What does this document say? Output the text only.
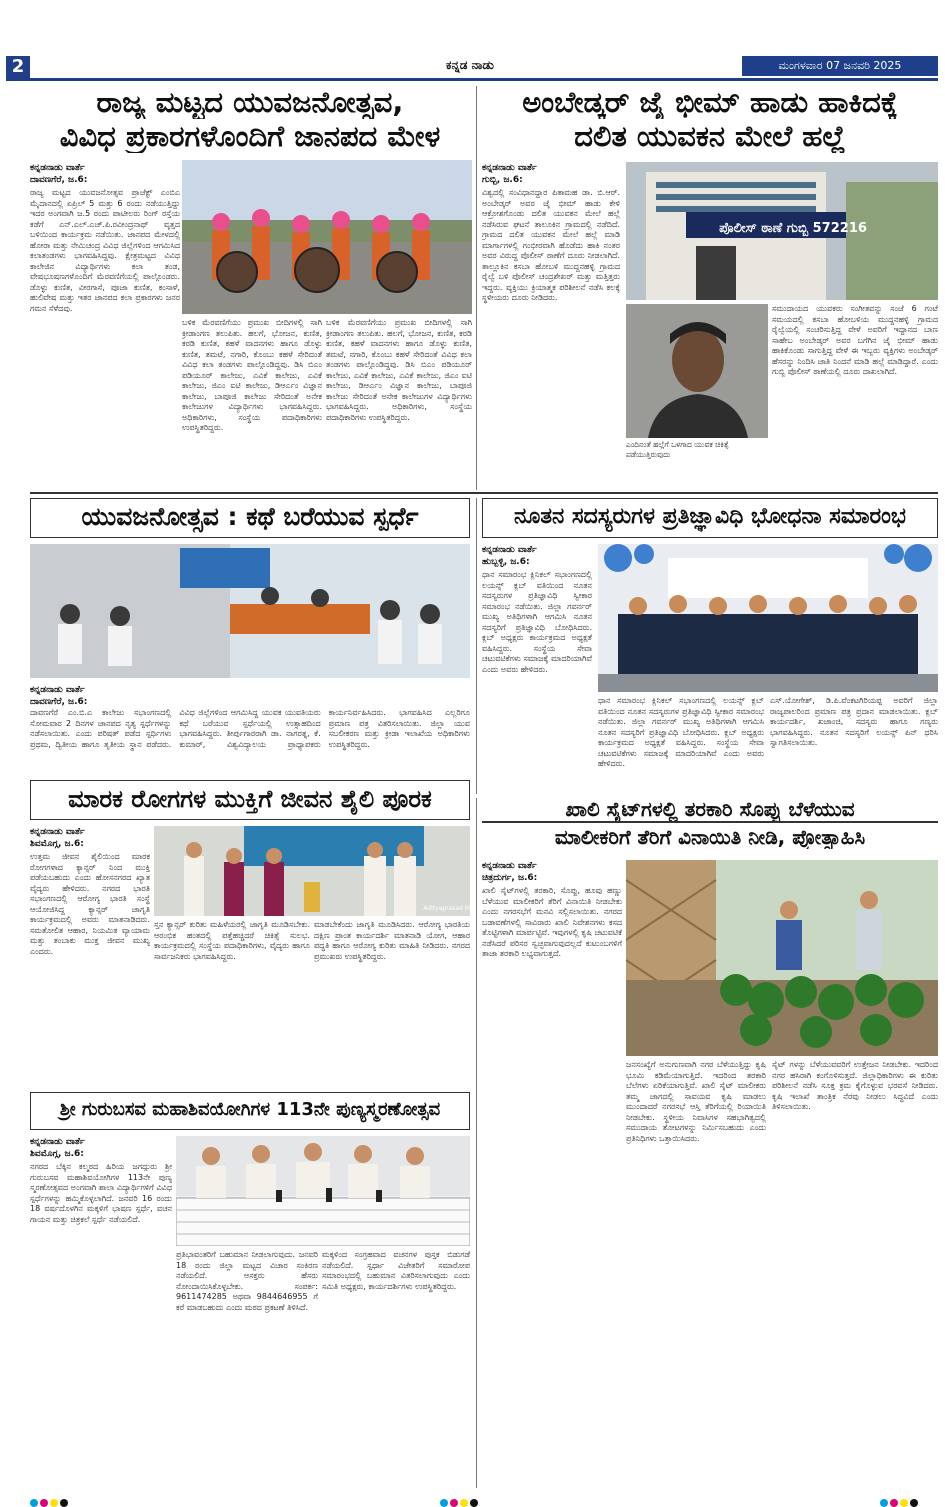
2	ಕನ್ನಡ ನಾಡು	ಮಂಗಳವಾರ 07 ಜನವರಿ 2025
ರಾಜ್ಯ ಮಟ್ಟದ ಯುವಜನೋತ್ಸವ,
ವಿವಿಧ ಪ್ರಕಾರಗಳೊಂದಿಗೆ ಜಾನಪದ ಮೇಳ
ಕನ್ನಡನಾಡು ವಾರ್ತೆ
ದಾವಣಗೆರೆ, ಜ.6:
ರಾಜ್ಯ ಮಟ್ಟದ ಯುವಜನೋತ್ಸವ ಪ್ರಾಜೆಕ್ಟ್ ಎಂಬಿಎ ಮೈದಾನದಲ್ಲಿ ಏಪ್ರಿಲ್ 5 ಮತ್ತು 6 ರಂದು ನಡೆಯುತ್ತಿದ್ದು ಇದರ ಅಂಗವಾಗಿ ಜ.5 ರಂದು ಪಾಟೀಲರು ರಿಂಗ್ ರಸ್ತೆಯ ಕಡೆಗೆ ಎನ್.ಎಲ್.ಎಚ್.ಪಿ.ರವೀಂದ್ರನಾಥ್ ವೃತ್ತದ ಬಳಿಯಿಂದ ಕಾರ್ಯಕ್ರಮ ನಡೆಯಿತು. ಜಾನಪದ ಮೇಳದಲ್ಲಿ ಹೋರಾ ಮತ್ತು ನೇಮಿಚಂದ್ರ ವಿವಿಧ ಜಿಲ್ಲೆಗಳಿಂದ ಆಗಮಿಸಿದ ಕಲಾತಂಡಗಳು ಭಾಗವಹಿಸಿದ್ದವು. ಕ್ಷೇತ್ರಮಟ್ಟದ ವಿವಿಧ ಕಾಲೇಜಿನ ವಿದ್ಯಾರ್ಥಿಗಳು ಕಲಾ ತಂಡ, ವೇಷಭೂಷಣಗಳೊಂದಿಗೆ ಮೆರವಣಿಗೆಯಲ್ಲಿ ಪಾಲ್ಗೊಂಡರು. ಡೊಳ್ಳು ಕುಣಿತ, ವೀರಗಾಸೆ, ಪೂಜಾ ಕುಣಿತ, ಕಂಸಾಳೆ, ಹುಲಿವೇಷ ಮತ್ತು ಇತರ ಜಾನಪದ ಕಲಾ ಪ್ರಕಾರಗಳು ಜನರ ಗಮನ ಸೆಳೆದವು.
ಬಳಿಕ ಮೆರವಣಿಗೆಯು ಪ್ರಮುಖ ಬೀದಿಗಳಲ್ಲಿ ಸಾಗಿ ಕ್ರೀಡಾಂಗಣ ತಲುಪಿತು. ಹಲಗೆ, ಭೋಜನ, ಕುಣಿತ, ಕರಡಿ ಕುಣಿತ, ಕಹಳೆ ವಾದನಗಳು ಹಾಗೂ ಡೊಳ್ಳು ಕುಣಿತ, ತಮಟೆ, ನಗಾರಿ, ಕೊಂಬು ಕಹಳೆ ಸೇರಿದಂತೆ ವಿವಿಧ ಕಲಾ ತಂಡಗಳು ಪಾಲ್ಗೊಂಡಿದ್ದವು. ಡಿಸಿ ಬಿಎಂ ಪಡಿಯೂರ್ ಕಾಲೇಜು, ಎವಿಕೆ ಕಾಲೇಜು, ಎವಿಕೆ ಕಾಲೇಜು, ಜಿಎಂ ಐಟಿ ಕಾಲೇಜು, ಡಿಆರ್ಎಂ ವಿಜ್ಞಾನ ಕಾಲೇಜು, ಬಾಪೂಜಿ ಕಾಲೇಜು ಸೇರಿದಂತೆ ಅನೇಕ ಕಾಲೇಜುಗಳ ವಿದ್ಯಾರ್ಥಿಗಳು ಭಾಗವಹಿಸಿದ್ದರು. ಅಧಿಕಾರಿಗಳು, ಸಂಸ್ಥೆಯ ಪದಾಧಿಕಾರಿಗಳು ಉಪಸ್ಥಿತರಿದ್ದರು.
ಬಳಿಕ ಮೆರವಣಿಗೆಯು ಪ್ರಮುಖ ಬೀದಿಗಳಲ್ಲಿ ಸಾಗಿ ಕ್ರೀಡಾಂಗಣ ತಲುಪಿತು. ಹಲಗೆ, ಭೋಜನ, ಕುಣಿತ, ಕರಡಿ ಕುಣಿತ, ಕಹಳೆ ವಾದನಗಳು ಹಾಗೂ ಡೊಳ್ಳು ಕುಣಿತ, ತಮಟೆ, ನಗಾರಿ, ಕೊಂಬು ಕಹಳೆ ಸೇರಿದಂತೆ ವಿವಿಧ ಕಲಾ ತಂಡಗಳು ಪಾಲ್ಗೊಂಡಿದ್ದವು. ಡಿಸಿ ಬಿಎಂ ಪಡಿಯೂರ್ ಕಾಲೇಜು, ಎವಿಕೆ ಕಾಲೇಜು, ಎವಿಕೆ ಕಾಲೇಜು, ಜಿಎಂ ಐಟಿ ಕಾಲೇಜು, ಡಿಆರ್ಎಂ ವಿಜ್ಞಾನ ಕಾಲೇಜು, ಬಾಪೂಜಿ ಕಾಲೇಜು ಸೇರಿದಂತೆ ಅನೇಕ ಕಾಲೇಜುಗಳ ವಿದ್ಯಾರ್ಥಿಗಳು ಭಾಗವಹಿಸಿದ್ದರು. ಅಧಿಕಾರಿಗಳು, ಸಂಸ್ಥೆಯ ಪದಾಧಿಕಾರಿಗಳು ಉಪಸ್ಥಿತರಿದ್ದರು.
ಅಂಬೇಡ್ಕರ್ ಜೈ ಭೀಮ್ ಹಾಡು ಹಾಕಿದಕ್ಕೆ
ದಲಿತ ಯುವಕನ ಮೇಲೆ ಹಲ್ಲೆ
ಕನ್ನಡನಾಡು ವಾರ್ತೆ
ಗುಬ್ಬಿ, ಜ.6:
ವಿಶ್ವದಲ್ಲಿ ಸಂವಿಧಾನದ್ದಾರ ಪಿತಾಮಹ ಡಾ. ಬಿ.ಆರ್. ಅಂಬೇಡ್ಕರ್ ಅವರ ಜೈ ಭೀಮ್ ಹಾಡು ಕೇಳಿ ಆಕ್ರೋಶಗೊಂಡು ದಲಿತ ಯುವಕನ ಮೇಲೆ ಹಲ್ಲೆ ನಡೆಸಿರುವ ಘಟನೆ ತಾಲೂಕಿನ ಗ್ರಾಮದಲ್ಲಿ ನಡೆದಿದೆ. ಗ್ರಾಮದ ದಲಿತ ಯುವಕನ ಮೇಲೆ ಹಲ್ಲೆ ಮಾಡಿ ಮಾರ್ಗಾಗಳಲ್ಲಿ ಗಂಭೀರವಾಗಿ ಹೊಡೆದು ಹಾಕಿ ನಂತರ ಅವರ ವಿರುದ್ಧ ಪೊಲೀಸ್ ಠಾಣೆಗೆ ದೂರು ನೀಡಲಾಗಿದೆ. ತಾಲ್ಲೂಕಿನ ಕಸಬಾ ಹೋಬಳಿ ಮುದ್ದನಹಳ್ಳಿ ಗ್ರಾಮದ ರೈಲ್ವೆ ಬಳಿ ಪೊಲೀಸ್ ಚಂದ್ರಶೇಖರ್ ಮತ್ತು ಮತ್ತಿತ್ತರು ಇದ್ದರು. ವ್ಯಕ್ತಿಯು ಕ್ರಿಯಾತ್ಮಕ ಪರಿಶೀಲನೆ ನಡೆಸಿ ಕಲಕ್ಕೆ ಸ್ಥಳೀಯರು ದೂರು ನೀಡಿದರು.
ಪೊಲೀಸ್ ಠಾಣೆ ಗುಬ್ಬಿ 572216
ಎಂದಿನಂತೆ ಹಲ್ಲೆಗೆ ಒಳಗಾದ ಯುವಕ ಚಿಕಿತ್ಸೆ ಪಡೆಯುತ್ತಿರುವುದು
ಸಮುದಾಯದ ಯುವಕರು ಸಂಗೀತವನ್ನು ಸಂಜೆ 6 ಗಂಟೆ ಸಮಯದಲ್ಲಿ ಕಸಬಾ ಹೋಬಳಿಯ ಮುದ್ದನಹಳ್ಳಿ ಗ್ರಾಮದ ರೈಲ್ವೆಯಲ್ಲಿ ಸಂಚರಿಸುತ್ತಿದ್ದ ವೇಳೆ ಅವರಿಗೆ ಇದ್ದಾನದ ಬಾಣ ಸಾಹೇಬ ಅಂಬೇಡ್ಕರ್ ಅವರ ಬಗೆಗಿನ ಜೈ ಭೀಮ್ ಹಾಡು ಹಾಕಿಕೊಂಡು ಸಾಗುತ್ತಿದ್ದ ವೇಳೆ ಈ ಇಬ್ಬರು ವ್ಯಕ್ತಿಗಳು ಅಂಬೇಡ್ಕರ್ ಹೆಸರನ್ನು ನಿಂದಿಸಿ ಜಾತಿ ನಿಂದನೆ ಮಾಡಿ ಹಲ್ಲೆ ಮಾಡಿದ್ದಾರೆ. ಎಂದು ಗುಬ್ಬಿ ಪೊಲೀಸ್ ಠಾಣೆಯಲ್ಲಿ ದೂರು ದಾಖಲಾಗಿದೆ.
ಯುವಜನೋತ್ಸವ : ಕಥೆ ಬರೆಯುವ ಸ್ಪರ್ಧೆ
ಕನ್ನಡನಾಡು ವಾರ್ತೆ
ದಾವಣಗೆರೆ, ಜ.6:
ದಾವಣಗೆರೆ ಎಂ.ಬಿ.ಎ ಕಾಲೇಜು ಸಭಾಂಗಣದಲ್ಲಿ ಸೋಮವಾರ 2 ದಿನಗಳ ಜಾನಪದ ನೃತ್ಯ ಸ್ಪರ್ಧೆಗಳನ್ನು ನಡೆಸಲಾಯಿತು. ಎಂದು ಪರಿಷತ್ ಪಡೆದ ಸ್ಪರ್ಧಿಗಳು ಪ್ರಥಮ, ದ್ವಿತೀಯ ಹಾಗೂ ತೃತೀಯ ಸ್ಥಾನ ಪಡೆದರು. ವಿವಿಧ ಜಿಲ್ಲೆಗಳಿಂದ ಆಗಮಿಸಿದ್ದ ಯುವಕ ಯುವತಿಯರು ಕಥೆ ಬರೆಯುವ ಸ್ಪರ್ಧೆಯಲ್ಲಿ ಉತ್ಸಾಹದಿಂದ ಭಾಗವಹಿಸಿದ್ದರು. ತೀರ್ಪುಗಾರರಾಗಿ ಡಾ. ನಾಗರತ್ನ, ಕೆ. ಕುಮಾರ್, ವಿಶ್ವವಿದ್ಯಾಲಯ ಪ್ರಾಧ್ಯಾಪಕರು ಕಾರ್ಯನಿರ್ವಹಿಸಿದರು. ಭಾಗವಹಿಸಿದ ಎಲ್ಲರಿಗೂ ಪ್ರಮಾಣ ಪತ್ರ ವಿತರಿಸಲಾಯಿತು. ಜಿಲ್ಲಾ ಯುವ ಸಬಲೀಕರಣ ಮತ್ತು ಕ್ರೀಡಾ ಇಲಾಖೆಯ ಅಧಿಕಾರಿಗಳು ಉಪಸ್ಥಿತರಿದ್ದರು.
ನೂತನ ಸದಸ್ಯರುಗಳ ಪ್ರತಿಜ್ಞಾವಿಧಿ ಭೋಧನಾ ಸಮಾರಂಭ
ಕನ್ನಡನಾಡು ವಾರ್ತೆ
ಹುಬ್ಬಳ್ಳಿ, ಜ.6:
ಧಾನ ಸಮಾರಂಭ ಕ್ಲಿನಿಕಲ್ ಸಭಾಂಗಣದಲ್ಲಿ ಲಯನ್ಸ್ ಕ್ಲಬ್ ವತಿಯಿಂದ ನೂತನ ಸದಸ್ಯರುಗಳ ಪ್ರತಿಜ್ಞಾವಿಧಿ ಸ್ವೀಕಾರ ಸಮಾರಂಭ ನಡೆಯಿತು. ಜಿಲ್ಲಾ ಗವರ್ನರ್ ಮುಖ್ಯ ಅತಿಥಿಗಳಾಗಿ ಆಗಮಿಸಿ ನೂತನ ಸದಸ್ಯರಿಗೆ ಪ್ರತಿಜ್ಞಾವಿಧಿ ಬೋಧಿಸಿದರು. ಕ್ಲಬ್ ಅಧ್ಯಕ್ಷರು ಕಾರ್ಯಕ್ರಮದ ಅಧ್ಯಕ್ಷತೆ ವಹಿಸಿದ್ದರು. ಸಂಸ್ಥೆಯ ಸೇವಾ ಚಟುವಟಿಕೆಗಳು ಸಮಾಜಕ್ಕೆ ಮಾದರಿಯಾಗಿವೆ ಎಂದು ಅವರು ಹೇಳಿದರು.
ಧಾನ ಸಮಾರಂಭ ಕ್ಲಿನಿಕಲ್ ಸಭಾಂಗಣದಲ್ಲಿ ಲಯನ್ಸ್ ಕ್ಲಬ್ ವತಿಯಿಂದ ನೂತನ ಸದಸ್ಯರುಗಳ ಪ್ರತಿಜ್ಞಾವಿಧಿ ಸ್ವೀಕಾರ ಸಮಾರಂಭ ನಡೆಯಿತು. ಜಿಲ್ಲಾ ಗವರ್ನರ್ ಮುಖ್ಯ ಅತಿಥಿಗಳಾಗಿ ಆಗಮಿಸಿ ನೂತನ ಸದಸ್ಯರಿಗೆ ಪ್ರತಿಜ್ಞಾವಿಧಿ ಬೋಧಿಸಿದರು. ಕ್ಲಬ್ ಅಧ್ಯಕ್ಷರು ಕಾರ್ಯಕ್ರಮದ ಅಧ್ಯಕ್ಷತೆ ವಹಿಸಿದ್ದರು. ಸಂಸ್ಥೆಯ ಸೇವಾ ಚಟುವಟಿಕೆಗಳು ಸಮಾಜಕ್ಕೆ ಮಾದರಿಯಾಗಿವೆ ಎಂದು ಅವರು ಹೇಳಿದರು.
ಎಸ್.ಯೋಗೇಶ್, ಡಿ.ಪಿ.ವೆಂಕಟಗಿರಿಯಪ್ಪ ಅವರಿಗೆ ಜಿಲ್ಲಾ ರಾಜ್ಯಪಾಲರಿಂದ ಪ್ರಮಾಣ ಪತ್ರ ಪ್ರದಾನ ಮಾಡಲಾಯಿತು. ಕ್ಲಬ್ ಕಾರ್ಯದರ್ಶಿ, ಖಜಾಂಚಿ, ಸದಸ್ಯರು ಹಾಗೂ ಗಣ್ಯರು ಭಾಗವಹಿಸಿದ್ದರು. ನೂತನ ಸದಸ್ಯರಿಗೆ ಲಯನ್ಸ್ ಪಿನ್ ಧರಿಸಿ ಸ್ವಾಗತಿಸಲಾಯಿತು.
ಮಾರಕ ರೋಗಗಳ ಮುಕ್ತಿಗೆ ಜೀವನ ಶೈಲಿ ಪೂರಕ
ಕನ್ನಡನಾಡು ವಾರ್ತೆ
ಶಿವಮೊಗ್ಗ, ಜ.6:
ಉತ್ತಮ ಜೀವನ ಶೈಲಿಯಿಂದ ಮಾರಕ ರೋಗಗಳಾದ ಕ್ಯಾನ್ಸರ್ ನಿಂದ ಮುಕ್ತಿ ಪಡೆಯಬಹುದು ಎಂದು ಹೋಸನಗರದ ಖ್ಯಾತ ವೈದ್ಯರು ಹೇಳಿದರು. ನಗರದ ಭಾರತಿ ಸಭಾಂಗಣದಲ್ಲಿ ಆರೋಗ್ಯ ಭಾರತಿ ಸಂಸ್ಥೆ ಆಯೋಜಿಸಿದ್ದ ಕ್ಯಾನ್ಸರ್ ಜಾಗೃತಿ ಕಾರ್ಯಕ್ರಮದಲ್ಲಿ ಅವರು ಮಾತನಾಡಿದರು. ಸಮತೋಲಿತ ಆಹಾರ, ನಿಯಮಿತ ವ್ಯಾಯಾಮ ಮತ್ತು ತಂಬಾಕು ಮುಕ್ತ ಜೀವನ ಮುಖ್ಯ ಎಂದರು.
Adityaprasad M
ಸ್ತನ ಕ್ಯಾನ್ಸರ್ ಕುರಿತು ಮಹಿಳೆಯರಲ್ಲಿ ಜಾಗೃತಿ ಮೂಡಿಸಬೇಕು. ಆರಂಭಿಕ ಹಂತದಲ್ಲಿ ಪತ್ತೆಹಚ್ಚಿದರೆ ಚಿಕಿತ್ಸೆ ಸುಲಭ. ಕಾರ್ಯಕ್ರಮದಲ್ಲಿ ಸಂಸ್ಥೆಯ ಪದಾಧಿಕಾರಿಗಳು, ವೈದ್ಯರು ಹಾಗೂ ಸಾರ್ವಜನಿಕರು ಭಾಗವಹಿಸಿದ್ದರು.
ಮಾಡಬೇಕೆಂದು ಜಾಗೃತಿ ಮೂಡಿಸಿದರು. ಆರೋಗ್ಯ ಭಾರತಿಯ ದಕ್ಷಿಣ ಪ್ರಾಂತ ಕಾರ್ಯದರ್ಶಿ ಮಾತನಾಡಿ ಯೋಗ, ಆಹಾರ ಪದ್ಧತಿ ಹಾಗೂ ಆರೋಗ್ಯ ಕುರಿತು ಮಾಹಿತಿ ನೀಡಿದರು. ನಗರದ ಪ್ರಮುಖರು ಉಪಸ್ಥಿತರಿದ್ದರು.
ಖಾಲಿ ಸೈಟ್‌ಗಳಲ್ಲಿ ತರಕಾರಿ ಸೊಪ್ಪು ಬೆಳೆಯುವ
ಮಾಲೀಕರಿಗೆ ತೆರಿಗೆ ವಿನಾಯಿತಿ ನೀಡಿ, ಪ್ರೋತ್ಸಾಹಿಸಿ
ಕನ್ನಡನಾಡು ವಾರ್ತೆ
ಚಿತ್ರದುರ್ಗ, ಜ.6:
ಖಾಲಿ ಸೈಟ್‌ಗಳಲ್ಲಿ ತರಕಾರಿ, ಸೊಪ್ಪು, ಹೂವು ಹಣ್ಣು ಬೆಳೆಯುವ ಮಾಲೀಕರಿಗೆ ತೆರಿಗೆ ವಿನಾಯಿತಿ ನೀಡಬೇಕು ಎಂದು ನಗರಸಭೆಗೆ ಮನವಿ ಸಲ್ಲಿಸಲಾಯಿತು. ನಗರದ ಬಡಾವಣೆಗಳಲ್ಲಿ ಸಾವಿರಾರು ಖಾಲಿ ನಿವೇಶನಗಳು ಕಸದ ತೊಟ್ಟಿಗಳಾಗಿ ಮಾರ್ಪಟ್ಟಿವೆ. ಇವುಗಳಲ್ಲಿ ಕೃಷಿ ಚಟುವಟಿಕೆ ನಡೆಸಿದರೆ ಪರಿಸರ ಸ್ವಚ್ಛವಾಗುವುದಲ್ಲದೆ ಕುಟುಂಬಗಳಿಗೆ ತಾಜಾ ತರಕಾರಿ ಲಭ್ಯವಾಗುತ್ತದೆ.
ಜನಸಂಖ್ಯೆಗೆ ಅನುಗುಣವಾಗಿ ನಗರ ಬೆಳೆಯುತ್ತಿದ್ದು ಕೃಷಿ ಭೂಮಿ ಕಡಿಮೆಯಾಗುತ್ತಿದೆ. ಇದರಿಂದ ತರಕಾರಿ ಬೆಲೆಗಳು ಏರಿಕೆಯಾಗುತ್ತಿವೆ. ಖಾಲಿ ಸೈಟ್ ಮಾಲೀಕರು ತಮ್ಮ ಜಾಗದಲ್ಲಿ ಸಾವಯವ ಕೃಷಿ ಮಾಡಲು ಮುಂದಾದರೆ ನಗರಸಭೆ ಆಸ್ತಿ ತೆರಿಗೆಯಲ್ಲಿ ರಿಯಾಯಿತಿ ನೀಡಬೇಕು. ಸ್ಥಳೀಯ ನಿವಾಸಿಗಳ ಸಹಭಾಗಿತ್ವದಲ್ಲಿ ಸಮುದಾಯ ತೋಟಗಳನ್ನು ನಿರ್ಮಿಸಬಹುದು ಎಂದು ಪ್ರತಿನಿಧಿಗಳು ಒತ್ತಾಯಿಸಿದರು.
ಸೈಟ್ ಗಳನ್ನು ಬೆಳೆಯುವವರಿಗೆ ಉತ್ತೇಜನ ನೀಡಬೇಕು. ಇದರಿಂದ ನಗರ ಹಸಿರಾಗಿ ಕಂಗೊಳಿಸುತ್ತದೆ. ಜಿಲ್ಲಾಧಿಕಾರಿಗಳು ಈ ಕುರಿತು ಪರಿಶೀಲನೆ ನಡೆಸಿ ಸೂಕ್ತ ಕ್ರಮ ಕೈಗೊಳ್ಳುವ ಭರವಸೆ ನೀಡಿದರು. ಕೃಷಿ ಇಲಾಖೆ ತಾಂತ್ರಿಕ ನೆರವು ನೀಡಲು ಸಿದ್ಧವಿದೆ ಎಂದು ತಿಳಿಸಲಾಯಿತು.
ಶ್ರೀ ಗುರುಬಸವ ಮಹಾಶಿವಯೋಗಿಗಳ 113ನೇ ಪುಣ್ಯಸ್ಮರಣೋತ್ಸವ
ಕನ್ನಡನಾಡು ವಾರ್ತೆ
ಶಿವಮೊಗ್ಗ, ಜ.6:
ನಗರದ ಬೆಕ್ಕಿನ ಕಲ್ಮಠದ ಹಿರಿಯ ಜಗದ್ಗುರು ಶ್ರೀ ಗುರುಬಸವ ಮಹಾಶಿವಯೋಗಿಗಳ 113ನೇ ಪುಣ್ಯ ಸ್ಮರಣೋತ್ಸವದ ಅಂಗವಾಗಿ ಶಾಲಾ ವಿದ್ಯಾರ್ಥಿಗಳಿಗೆ ವಿವಿಧ ಸ್ಪರ್ಧೆಗಳನ್ನು ಹಮ್ಮಿಕೊಳ್ಳಲಾಗಿದೆ. ಜನವರಿ 16 ರಂದು 18 ವರ್ಷದೊಳಗಿನ ಮಕ್ಕಳಿಗೆ ಭಾಷಣ ಸ್ಪರ್ಧೆ, ವಚನ ಗಾಯನ ಮತ್ತು ಚಿತ್ರಕಲೆ ಸ್ಪರ್ಧೆ ನಡೆಯಲಿದೆ.
ಪ್ರತಿಭಾವಂತರಿಗೆ ಬಹುಮಾನ ನೀಡಲಾಗುವುದು. ಜನವರಿ 18 ರಂದು ಜಿಲ್ಲಾ ಮಟ್ಟದ ವಿಚಾರ ಸಂಕಿರಣ ನಡೆಯಲಿದೆ. ಆಸಕ್ತರು ಹೆಸರು ನೋಂದಾಯಿಸಿಕೊಳ್ಳಬೇಕು. ಸಂಪರ್ಕ: 9611474285 ಅಥವಾ 9844646955 ಗೆ ಕರೆ ಮಾಡಬಹುದು ಎಂದು ಮಠದ ಪ್ರಕಟಣೆ ತಿಳಿಸಿದೆ.
ಮಕ್ಕಳಿಂದ ಸಂಗ್ರಹವಾದ ವಚನಗಳ ಪುಸ್ತಕ ಬಿಡುಗಡೆ ನಡೆಯಲಿದೆ. ಸ್ಪರ್ಧಾ ವಿಜೇತರಿಗೆ ಸಮಾರೋಪ ಸಮಾರಂಭದಲ್ಲಿ ಬಹುಮಾನ ವಿತರಿಸಲಾಗುವುದು ಎಂದು ಸಮಿತಿ ಅಧ್ಯಕ್ಷರು, ಕಾರ್ಯದರ್ಶಿಗಳು ಉಪಸ್ಥಿತರಿದ್ದರು.
